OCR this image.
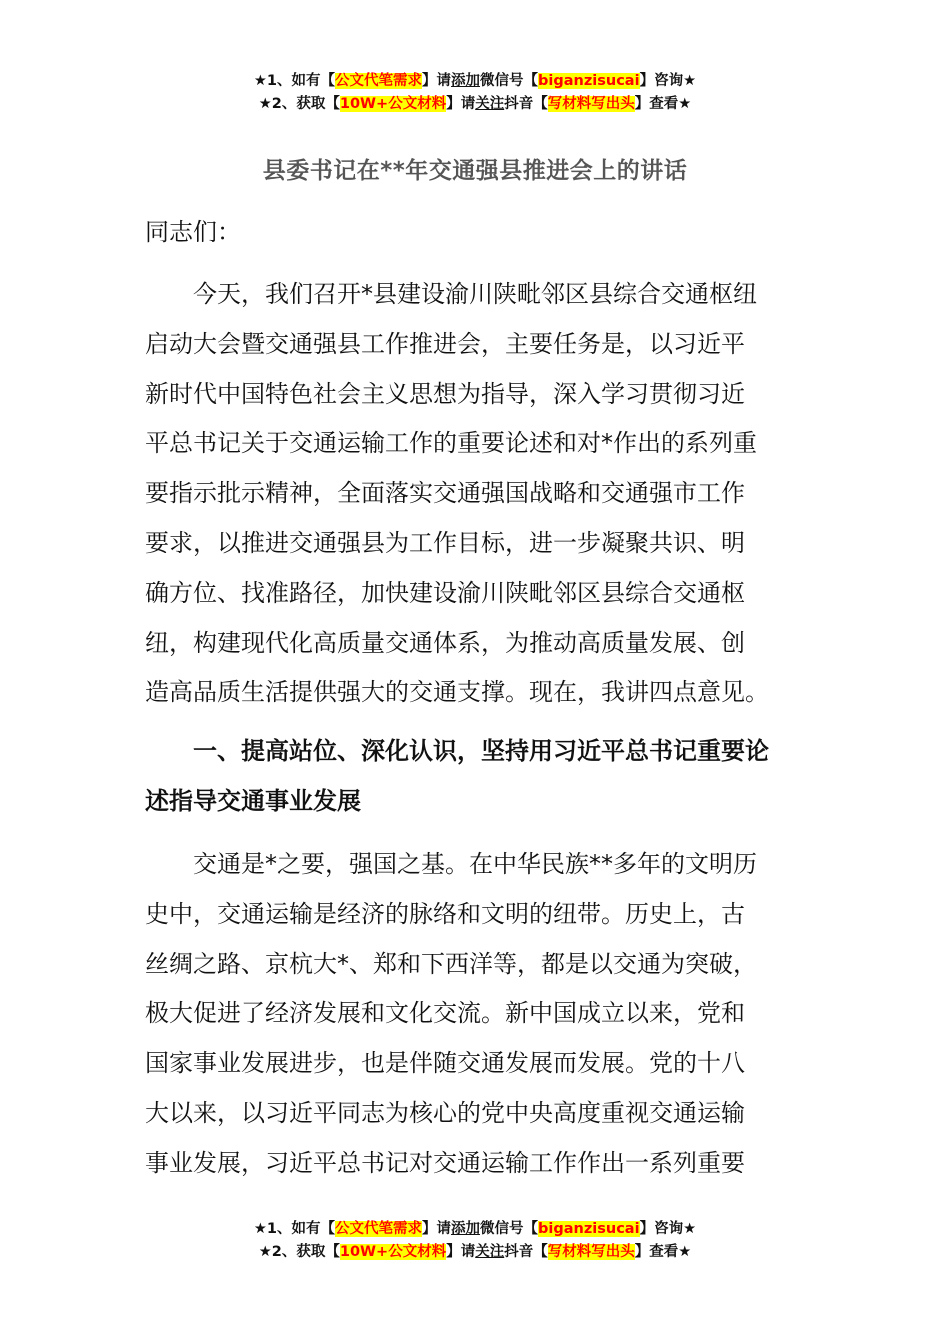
★1、如有【公文代笔需求】请添加微信号【biganzisucai】咨询★
★2、获取【10W+公文材料】请关注抖音【写材料写出头】查看★
县委书记在**年交通强县推进会上的讲话
同志们：
　　今天，我们召开*县建设渝川陕毗邻区县综合交通枢纽
启动大会暨交通强县工作推进会，主要任务是，以习近平
新时代中国特色社会主义思想为指导，深入学习贯彻习近
平总书记关于交通运输工作的重要论述和对*作出的系列重
要指示批示精神，全面落实交通强国战略和交通强市工作
要求，以推进交通强县为工作目标，进一步凝聚共识、明
确方位、找准路径，加快建设渝川陕毗邻区县综合交通枢
纽，构建现代化高质量交通体系，为推动高质量发展、创
造高品质生活提供强大的交通支撑。现在，我讲四点意见。
　　一、提高站位、深化认识，坚持用习近平总书记重要论
述指导交通事业发展
　　交通是*之要，强国之基。在中华民族**多年的文明历
史中，交通运输是经济的脉络和文明的纽带。历史上，古
丝绸之路、京杭大*、郑和下西洋等，都是以交通为突破，
极大促进了经济发展和文化交流。新中国成立以来，党和
国家事业发展进步，也是伴随交通发展而发展。党的十八
大以来，以习近平同志为核心的党中央高度重视交通运输
事业发展，习近平总书记对交通运输工作作出一系列重要
★1、如有【公文代笔需求】请添加微信号【biganzisucai】咨询★
★2、获取【10W+公文材料】请关注抖音【写材料写出头】查看★
